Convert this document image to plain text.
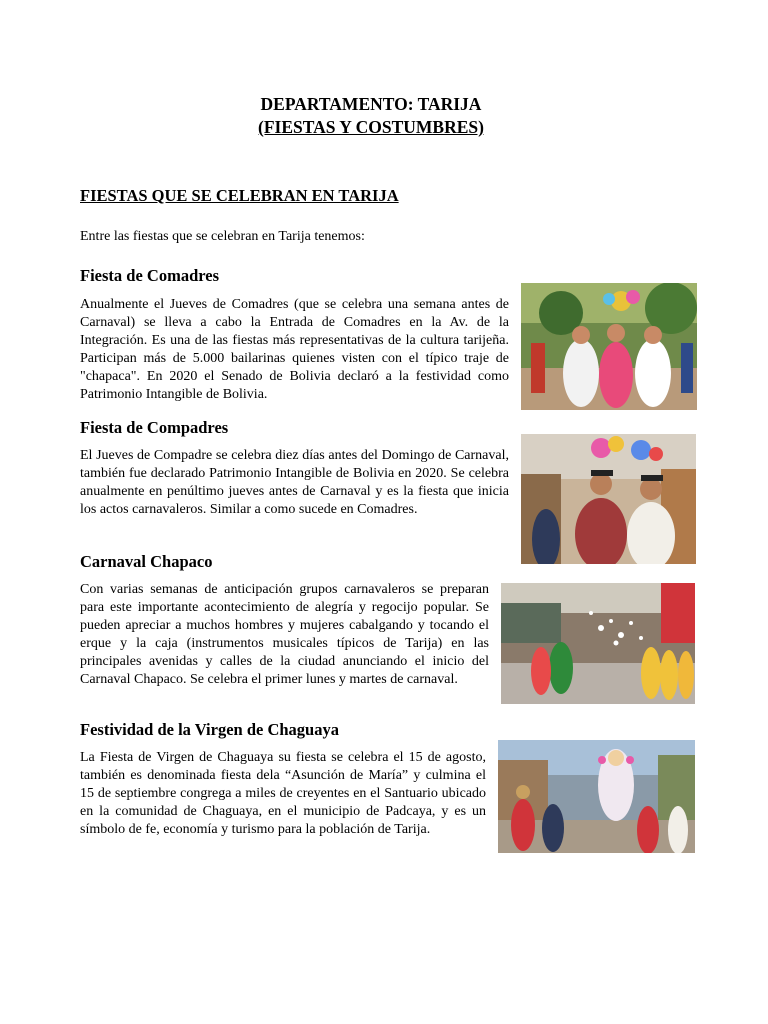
DEPARTAMENTO: TARIJA
(FIESTAS Y COSTUMBRES)
FIESTAS QUE SE CELEBRAN EN TARIJA
Entre las fiestas que se celebran en Tarija tenemos:
Fiesta de Comadres
Anualmente el Jueves de Comadres (que se celebra una semana antes de Carnaval) se lleva a cabo la Entrada de Comadres en la Av. de la Integración. Es una de las fiestas más representativas de la cultura tarijeña. Participan más de 5.000 bailarinas quienes visten con el típico traje de "chapaca". En 2020 el Senado de Bolivia declaró a la festividad como Patrimonio Intangible de Bolivia.
Fiesta de Compadres
El Jueves de Compadre se celebra diez días antes del Domingo de Carnaval, también fue declarado Patrimonio Intangible de Bolivia en 2020. Se celebra anualmente en penúltimo jueves antes de Carnaval y es la fiesta que inicia los actos carnavaleros. Similar a como sucede en Comadres.
Carnaval Chapaco
Con varias semanas de anticipación grupos carnavaleros se preparan para este importante acontecimiento de alegría y regocijo popular. Se pueden apreciar a muchos hombres y mujeres cabalgando y tocando el erque y la caja (instrumentos musicales típicos de Tarija) en las principales avenidas y calles de la ciudad anunciando el inicio del Carnaval Chapaco. Se celebra el primer lunes y martes de carnaval.
Festividad de la Virgen de Chaguaya
La Fiesta de Virgen de Chaguaya su fiesta se celebra el 15 de agosto, también es denominada fiesta dela “Asunción de María” y culmina el 15 de septiembre congrega a miles de creyentes en el Santuario ubicado en la comunidad de Chaguaya, en el municipio de Padcaya, y es un símbolo de fe, economía y turismo para la población de Tarija.
